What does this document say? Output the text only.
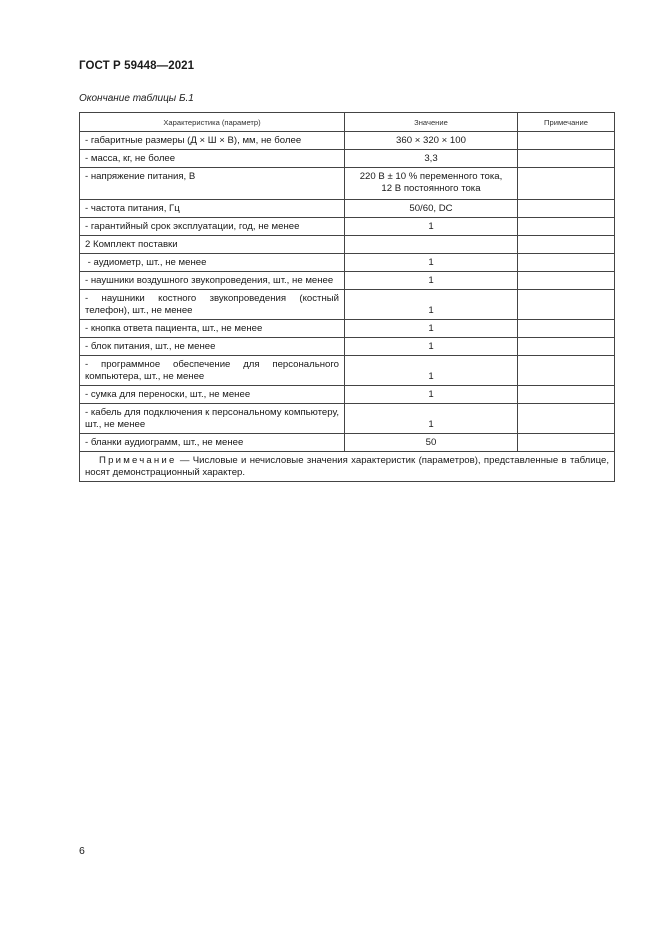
ГОСТ Р 59448—2021
Окончание таблицы Б.1
Характеристика (параметр)	Значение	Примечание
- габаритные размеры (Д × Ш × В), мм, не более	360 × 320 × 100	
- масса, кг, не более	3,3	
- напряжение питания, В	220 В ± 10 % переменного тока,
12 В постоянного тока	
- частота питания, Гц	50/60, DC	
- гарантийный срок эксплуатации, год, не менее	1	
2 Комплект поставки		
- аудиометр, шт., не менее	1	
- наушники воздушного звукопроведения, шт., не менее	1	
- наушники костного звукопроведения (костный телефон), шт., не менее	1	
- кнопка ответа пациента, шт., не менее	1	
- блок питания, шт., не менее	1	
- программное обеспечение для персонального компьютера, шт., не менее	1	
- сумка для переноски, шт., не менее	1	
- кабель для подключения к персональному компьютеру, шт., не менее	1	
- бланки аудиограмм, шт., не менее	50	
Примечание — Числовые и нечисловые значения характеристик (параметров), представленные в таблице, носят демонстрационный характер.		
6
